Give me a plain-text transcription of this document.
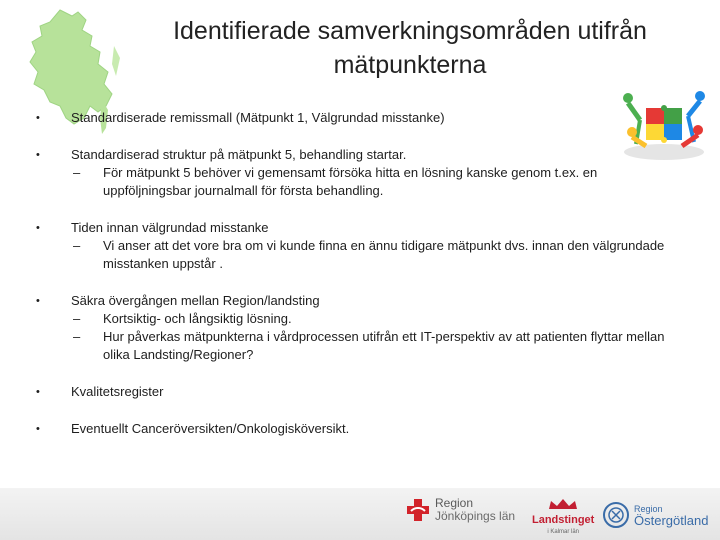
Identifierade samverkningsområden utifrån
mätpunkterna
• Standardiserade remissmall (Mätpunkt 1, Välgrundad misstanke)
• Standardiserad struktur på mätpunkt 5, behandling startar.
– För mätpunkt 5 behöver vi gemensamt försöka hitta en lösning kanske genom t.ex. en uppföljningsbar journalmall för första behandling.
• Tiden innan välgrundad misstanke
– Vi anser att det vore bra om vi kunde finna en ännu tidigare mätpunkt dvs. innan den välgrundade misstanken uppstår .
• Säkra övergången mellan Region/landsting
– Kortsiktig- och långsiktig lösning.
– Hur påverkas mätpunkterna i vårdprocessen utifrån ett IT-perspektiv av att patienten flyttar mellan olika Landsting/Regioner?
• Kvalitetsregister
• Eventuellt Canceröversikten/Onkologisköversikt.
Region
Jönköpings län Landstinget
i Kalmar län
Region
Östergötland
